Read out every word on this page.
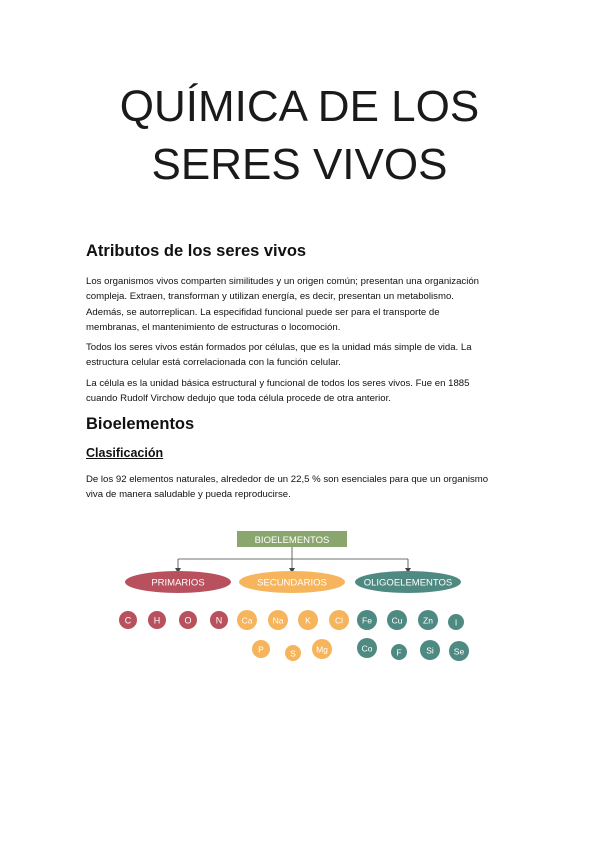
QUÍMICA DE LOS
SERES VIVOS
Atributos de los seres vivos
Los organismos vivos comparten similitudes y un origen común; presentan una organización
compleja. Extraen, transforman y utilizan energía, es decir, presentan un metabolismo.
Además, se autorreplican. La especifidad funcional puede ser para el transporte de
membranas, el mantenimiento de estructuras o locomoción.
Todos los seres vivos están formados por células, que es la unidad más simple de vida. La
estructura celular está correlacionada con la función celular.
La célula es la unidad básica estructural y funcional de todos los seres vivos. Fue en 1885
cuando Rudolf Virchow dedujo que toda célula procede de otra anterior.
Bioelementos
Clasificación
De los 92 elementos naturales, alrededor de un 22,5 % son esenciales para que un organismo
viva de manera saludable y pueda reproducirse.
BIOELEMENTOS
PRIMARIOS	SECUNDARIOS	OLIGOELEMENTOS
C	H	O	N Ca Na	K	Cl
P	S Mg
Fe Cu Zn	I
Co	F	Si Se
